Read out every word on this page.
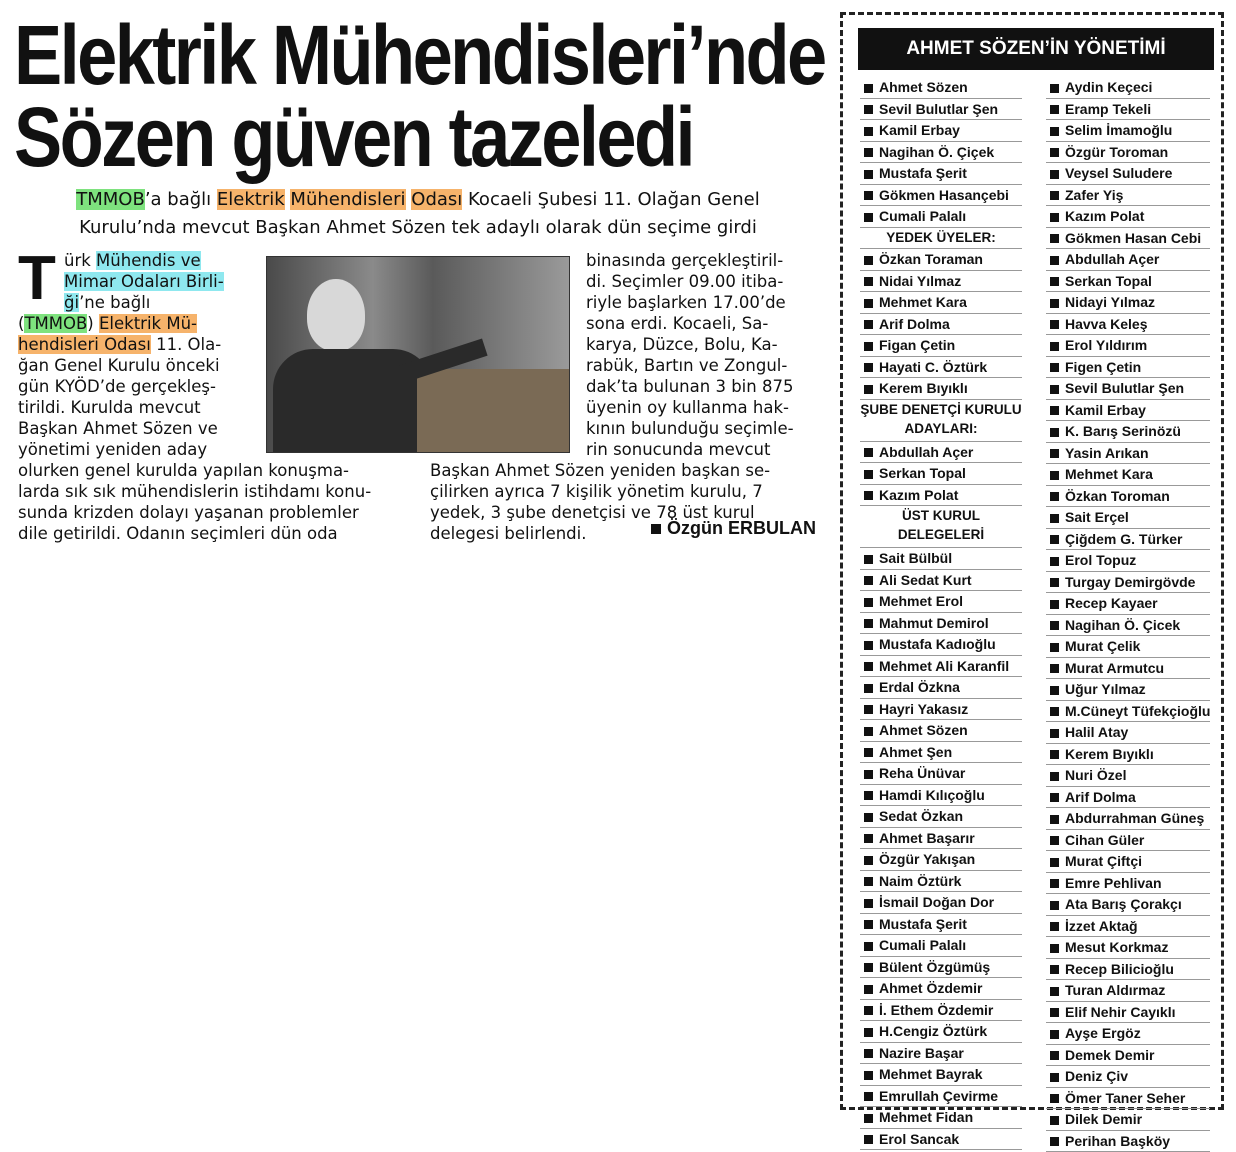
Elektrik Mühendisleri’nde
Sözen güven tazeledi
TMMOB’a bağlı Elektrik Mühendisleri Odası Kocaeli Şubesi 11. Olağan Genel
Kurulu’nda mevcut Başkan Ahmet Sözen tek adaylı olarak dün seçime girdi
T ürk Mühendis ve
Mimar Odaları Birli-
ği’ne bağlı
(TMMOB) Elektrik Mü-
hendisleri Odası 11. Ola-
ğan Genel Kurulu önceki
gün KYÖD’de gerçekleş-
tirildi. Kurulda mevcut
Başkan Ahmet Sözen ve
yönetimi yeniden aday
olurken genel kurulda yapılan konuşma-
larda sık sık mühendislerin istihdamı konu-
sunda krizden dolayı yaşanan problemler
dile getirildi. Odanın seçimleri dün oda
binasında gerçekleştiril-
di. Seçimler 09.00 itiba-
riyle başlarken 17.00’de
sona erdi. Kocaeli, Sa-
karya, Düzce, Bolu, Ka-
rabük, Bartın ve Zongul-
dak’ta bulunan 3 bin 875
üyenin oy kullanma hak-
kının bulunduğu seçimle-
rin sonucunda mevcut
Başkan Ahmet Sözen yeniden başkan se-
çilirken ayrıca 7 kişilik yönetim kurulu, 7
yedek, 3 şube denetçisi ve 78 üst kurul
delegesi belirlendi.	Özgün ERBULAN
AHMET SÖZEN’İN YÖNETİMİ
Ahmet Sözen
Sevil Bulutlar Şen
Kamil Erbay
Nagihan Ö. Çiçek
Mustafa Şerit
Gökmen Hasançebi
Cumali Palalı
YEDEK ÜYELER:
Özkan Toraman
Nidai Yılmaz
Mehmet Kara
Arif Dolma
Figan Çetin
Hayati C. Öztürk
Kerem Bıyıklı
ŞUBE DENETÇİ KURULU ADAYLARI:
Abdullah Açer
Serkan Topal
Kazım Polat
ÜST KURUL DELEGELERİ
Sait Bülbül
Ali Sedat Kurt
Mehmet Erol
Mahmut Demirol
Mustafa Kadıoğlu
Mehmet Ali Karanfil
Erdal Özkna
Hayri Yakasız
Ahmet Sözen
Ahmet Şen
Reha Ünüvar
Hamdi Kılıçoğlu
Sedat Özkan
Ahmet Başarır
Özgür Yakışan
Naim Öztürk
İsmail Doğan Dor
Mustafa Şerit
Cumali Palalı
Bülent Özgümüş
Ahmet Özdemir
İ. Ethem Özdemir
H.Cengiz Öztürk
Nazire Başar
Mehmet Bayrak
Emrullah Çevirme
Mehmet Fidan
Erol Sancak
Aydin Keçeci
Eramp Tekeli
Selim İmamoğlu
Özgür Toroman
Veysel Suludere
Zafer Yiş
Kazım Polat
Gökmen Hasan Cebi
Abdullah Açer
Serkan Topal
Nidayi Yılmaz
Havva Keleş
Erol Yıldırım
Figen Çetin
Sevil Bulutlar Şen
Kamil Erbay
K. Barış Serinözü
Yasin Arıkan
Mehmet Kara
Özkan Toroman
Sait Erçel
Çiğdem G. Türker
Erol Topuz
Turgay Demirgövde
Recep Kayaer
Nagihan Ö. Çicek
Murat Çelik
Murat Armutcu
Uğur Yılmaz
M.Cüneyt Tüfekçioğlu
Halil Atay
Kerem Bıyıklı
Nuri Özel
Arif Dolma
Abdurrahman Güneş
Cihan Güler
Murat Çiftçi
Emre Pehlivan
Ata Barış Çorakçı
İzzet Aktağ
Mesut Korkmaz
Recep Bilicioğlu
Turan Aldırmaz
Elif Nehir Cayıklı
Ayşe Ergöz
Demek Demir
Deniz Çiv
Ömer Taner Seher
Dilek Demir
Perihan Başköy
